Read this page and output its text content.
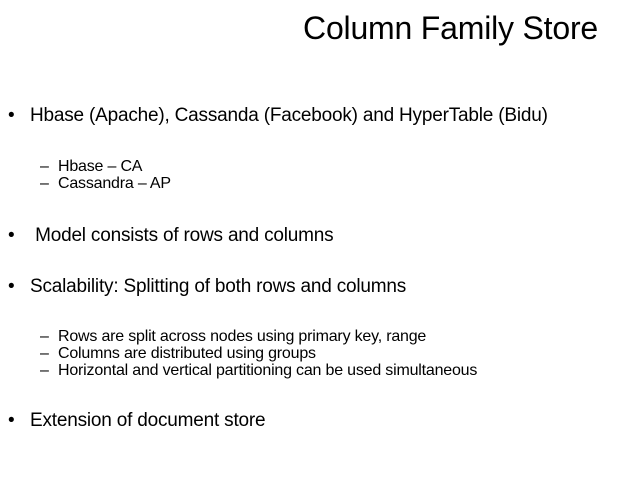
Column Family Store
• Hbase (Apache), Cassanda (Facebook) and HyperTable (Bidu)
– Hbase – CA
– Cassandra – AP
• Model consists of rows and columns
• Scalability: Splitting of both rows and columns
– Rows are split across nodes using primary key, range
– Columns are distributed using groups
– Horizontal and vertical partitioning can be used simultaneous
• Extension of document store
